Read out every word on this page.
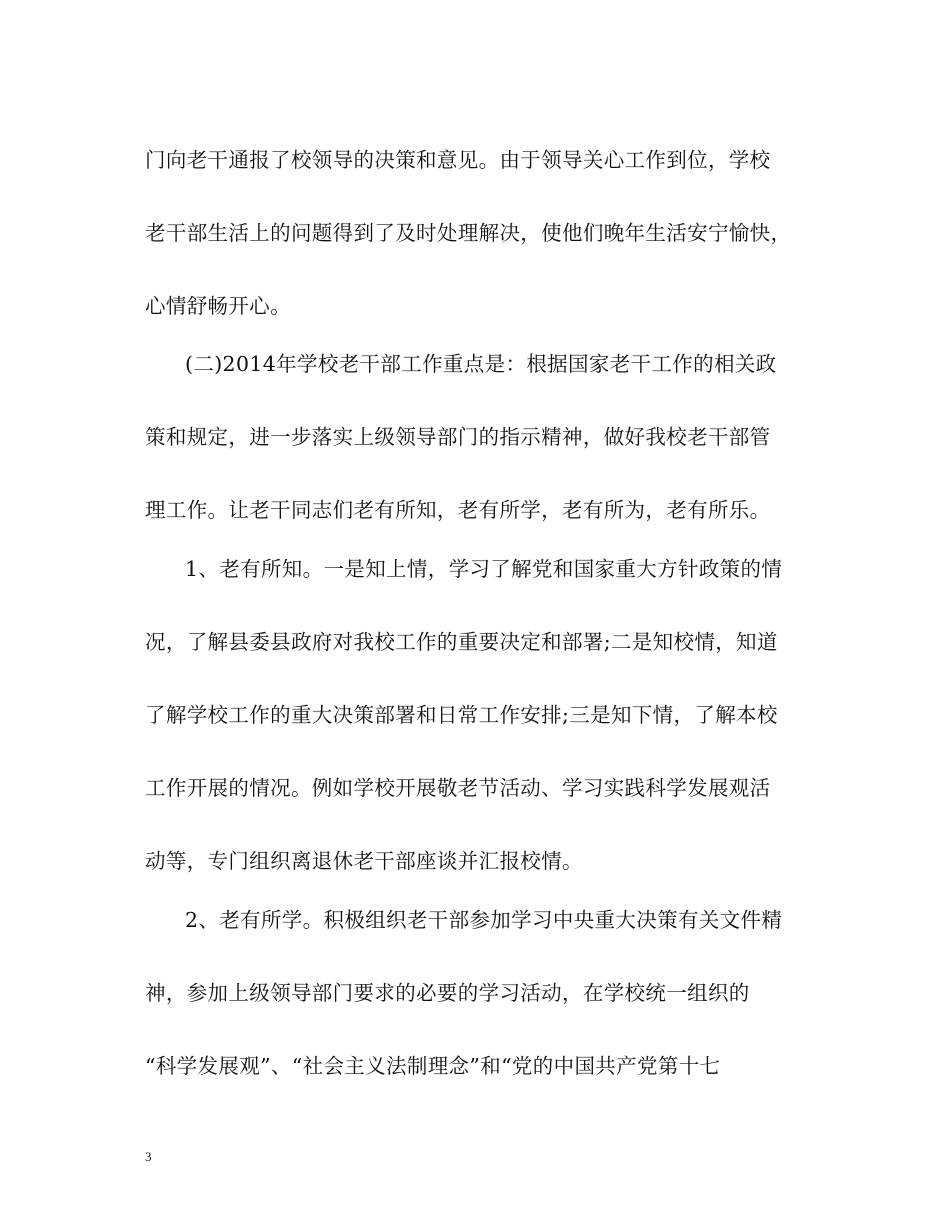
门向老干通报了校领导的决策和意见。由于领导关心工作到位，学校
老干部生活上的问题得到了及时处理解决，使他们晚年生活安宁愉快，
心情舒畅开心。
(二)2014年学校老干部工作重点是：根据国家老干工作的相关政
策和规定，进一步落实上级领导部门的指示精神，做好我校老干部管
理工作。让老干同志们老有所知，老有所学，老有所为，老有所乐。
1、老有所知。一是知上情，学习了解党和国家重大方针政策的情
况，了解县委县政府对我校工作的重要决定和部署;二是知校情，知道
了解学校工作的重大决策部署和日常工作安排;三是知下情，了解本校
工作开展的情况。例如学校开展敬老节活动、学习实践科学发展观活
动等，专门组织离退休老干部座谈并汇报校情。
2、老有所学。积极组织老干部参加学习中央重大决策有关文件精
神，参加上级领导部门要求的必要的学习活动，在学校统一组织的
“科学发展观”、“社会主义法制理念”和“党的中国共产党第十七
3
